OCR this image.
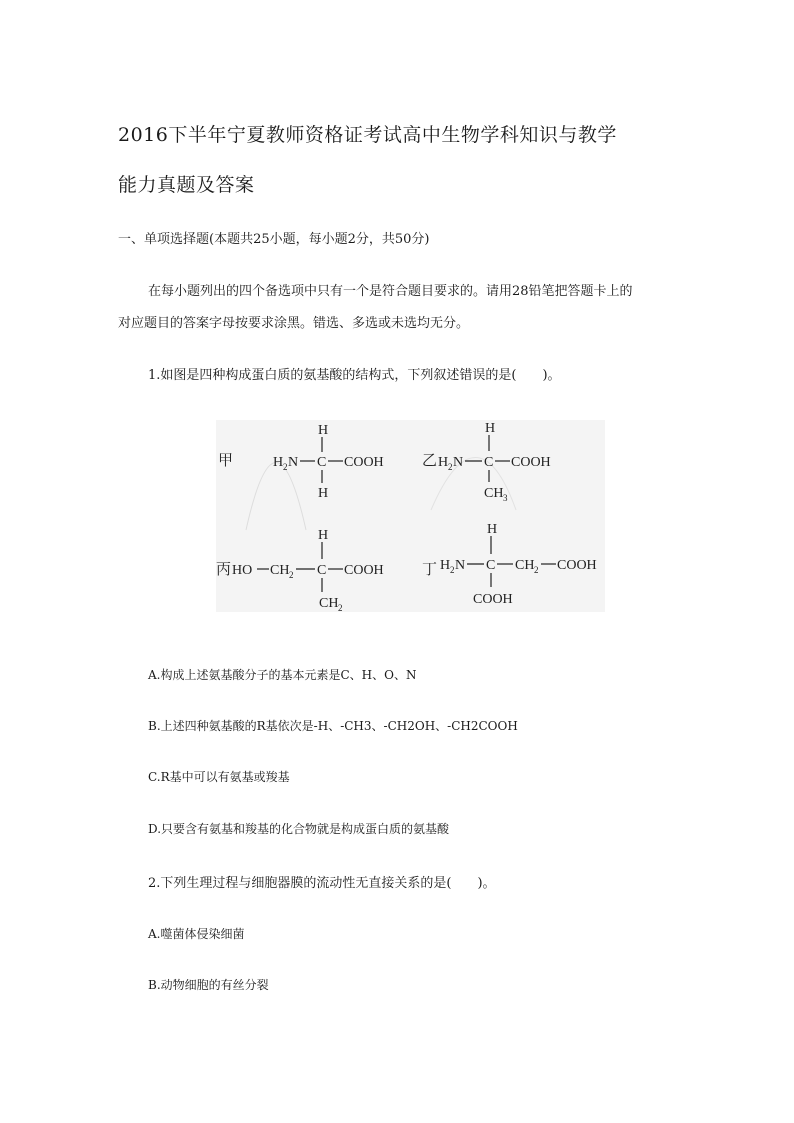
2016下半年宁夏教师资格证考试高中生物学科知识与教学
能力真题及答案
一、单项选择题(本题共25小题，每小题2分，共50分)
在每小题列出的四个备选项中只有一个是符合题目要求的。请用28铅笔把答题卡上的
对应题目的答案字母按要求涂黑。错选、多选或未选均无分。
1.如图是四种构成蛋白质的氨基酸的结构式，下列叙述错误的是(　　)。
甲	H 2 N C COOH
H
H
乙 H 2 N C COOH
H
CH 3
丙 HO CH 2 C COOH
H
CH 2
丁 H 2 N C CH 2 COOH
H
COOH
A.构成上述氨基酸分子的基本元素是C、H、O、N
B.上述四种氨基酸的R基依次是-H、-CH3、-CH2OH、-CH2COOH
C.R基中可以有氨基或羧基
D.只要含有氨基和羧基的化合物就是构成蛋白质的氨基酸
2.下列生理过程与细胞器膜的流动性无直接关系的是(　　)。
A.噬菌体侵染细菌
B.动物细胞的有丝分裂
